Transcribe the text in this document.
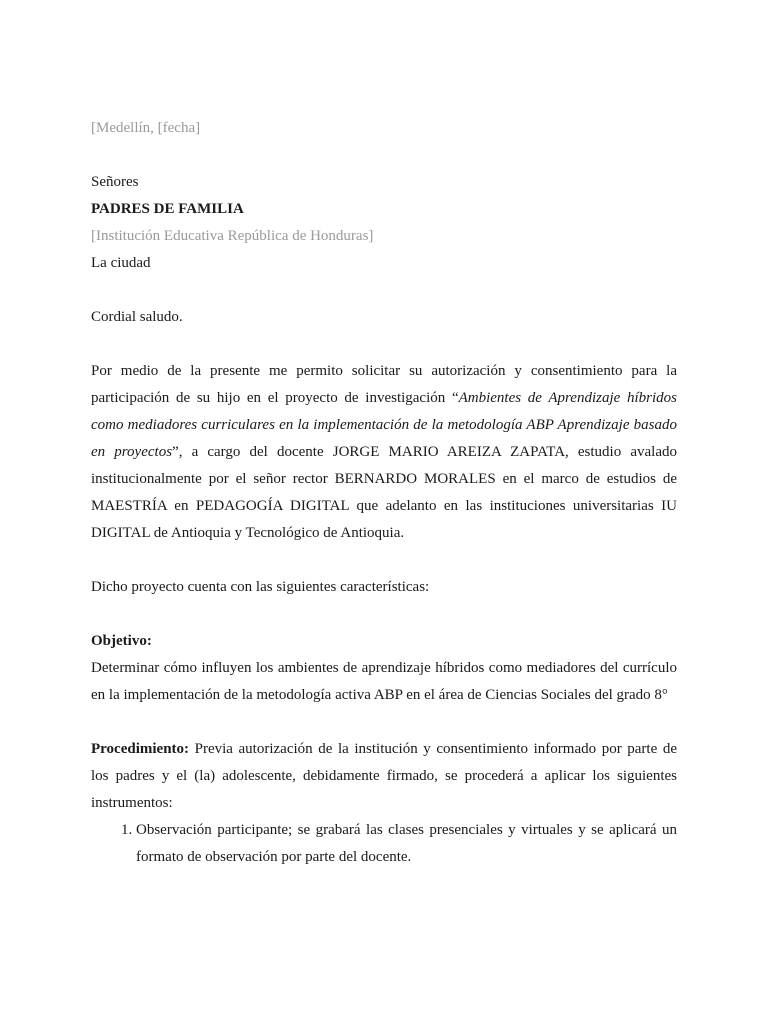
[Medellín, [fecha]

Señores

PADRES DE FAMILIA

[Institución Educativa República de Honduras]

La ciudad

Cordial saludo.

Por medio de la presente me permito solicitar su autorización y consentimiento para la participación de su hijo en el proyecto de investigación “Ambientes de Aprendizaje híbridos como mediadores curriculares en la implementación de la metodología ABP Aprendizaje basado en proyectos”, a cargo del docente JORGE MARIO AREIZA ZAPATA, estudio avalado institucionalmente por el señor rector BERNARDO MORALES en el marco de estudios de MAESTRÍA en PEDAGOGÍA DIGITAL que adelanto en las instituciones universitarias IU DIGITAL de Antioquia y Tecnológico de Antioquia.

Dicho proyecto cuenta con las siguientes características:

Objetivo:

Determinar cómo influyen los ambientes de aprendizaje híbridos como mediadores del currículo en la implementación de la metodología activa ABP en el área de Ciencias Sociales del grado 8°

Procedimiento: Previa autorización de la institución y consentimiento informado por parte de los padres y el (la) adolescente, debidamente firmado, se procederá a aplicar los siguientes instrumentos:

1. Observación participante; se grabará las clases presenciales y virtuales y se aplicará un formato de observación por parte del docente.
